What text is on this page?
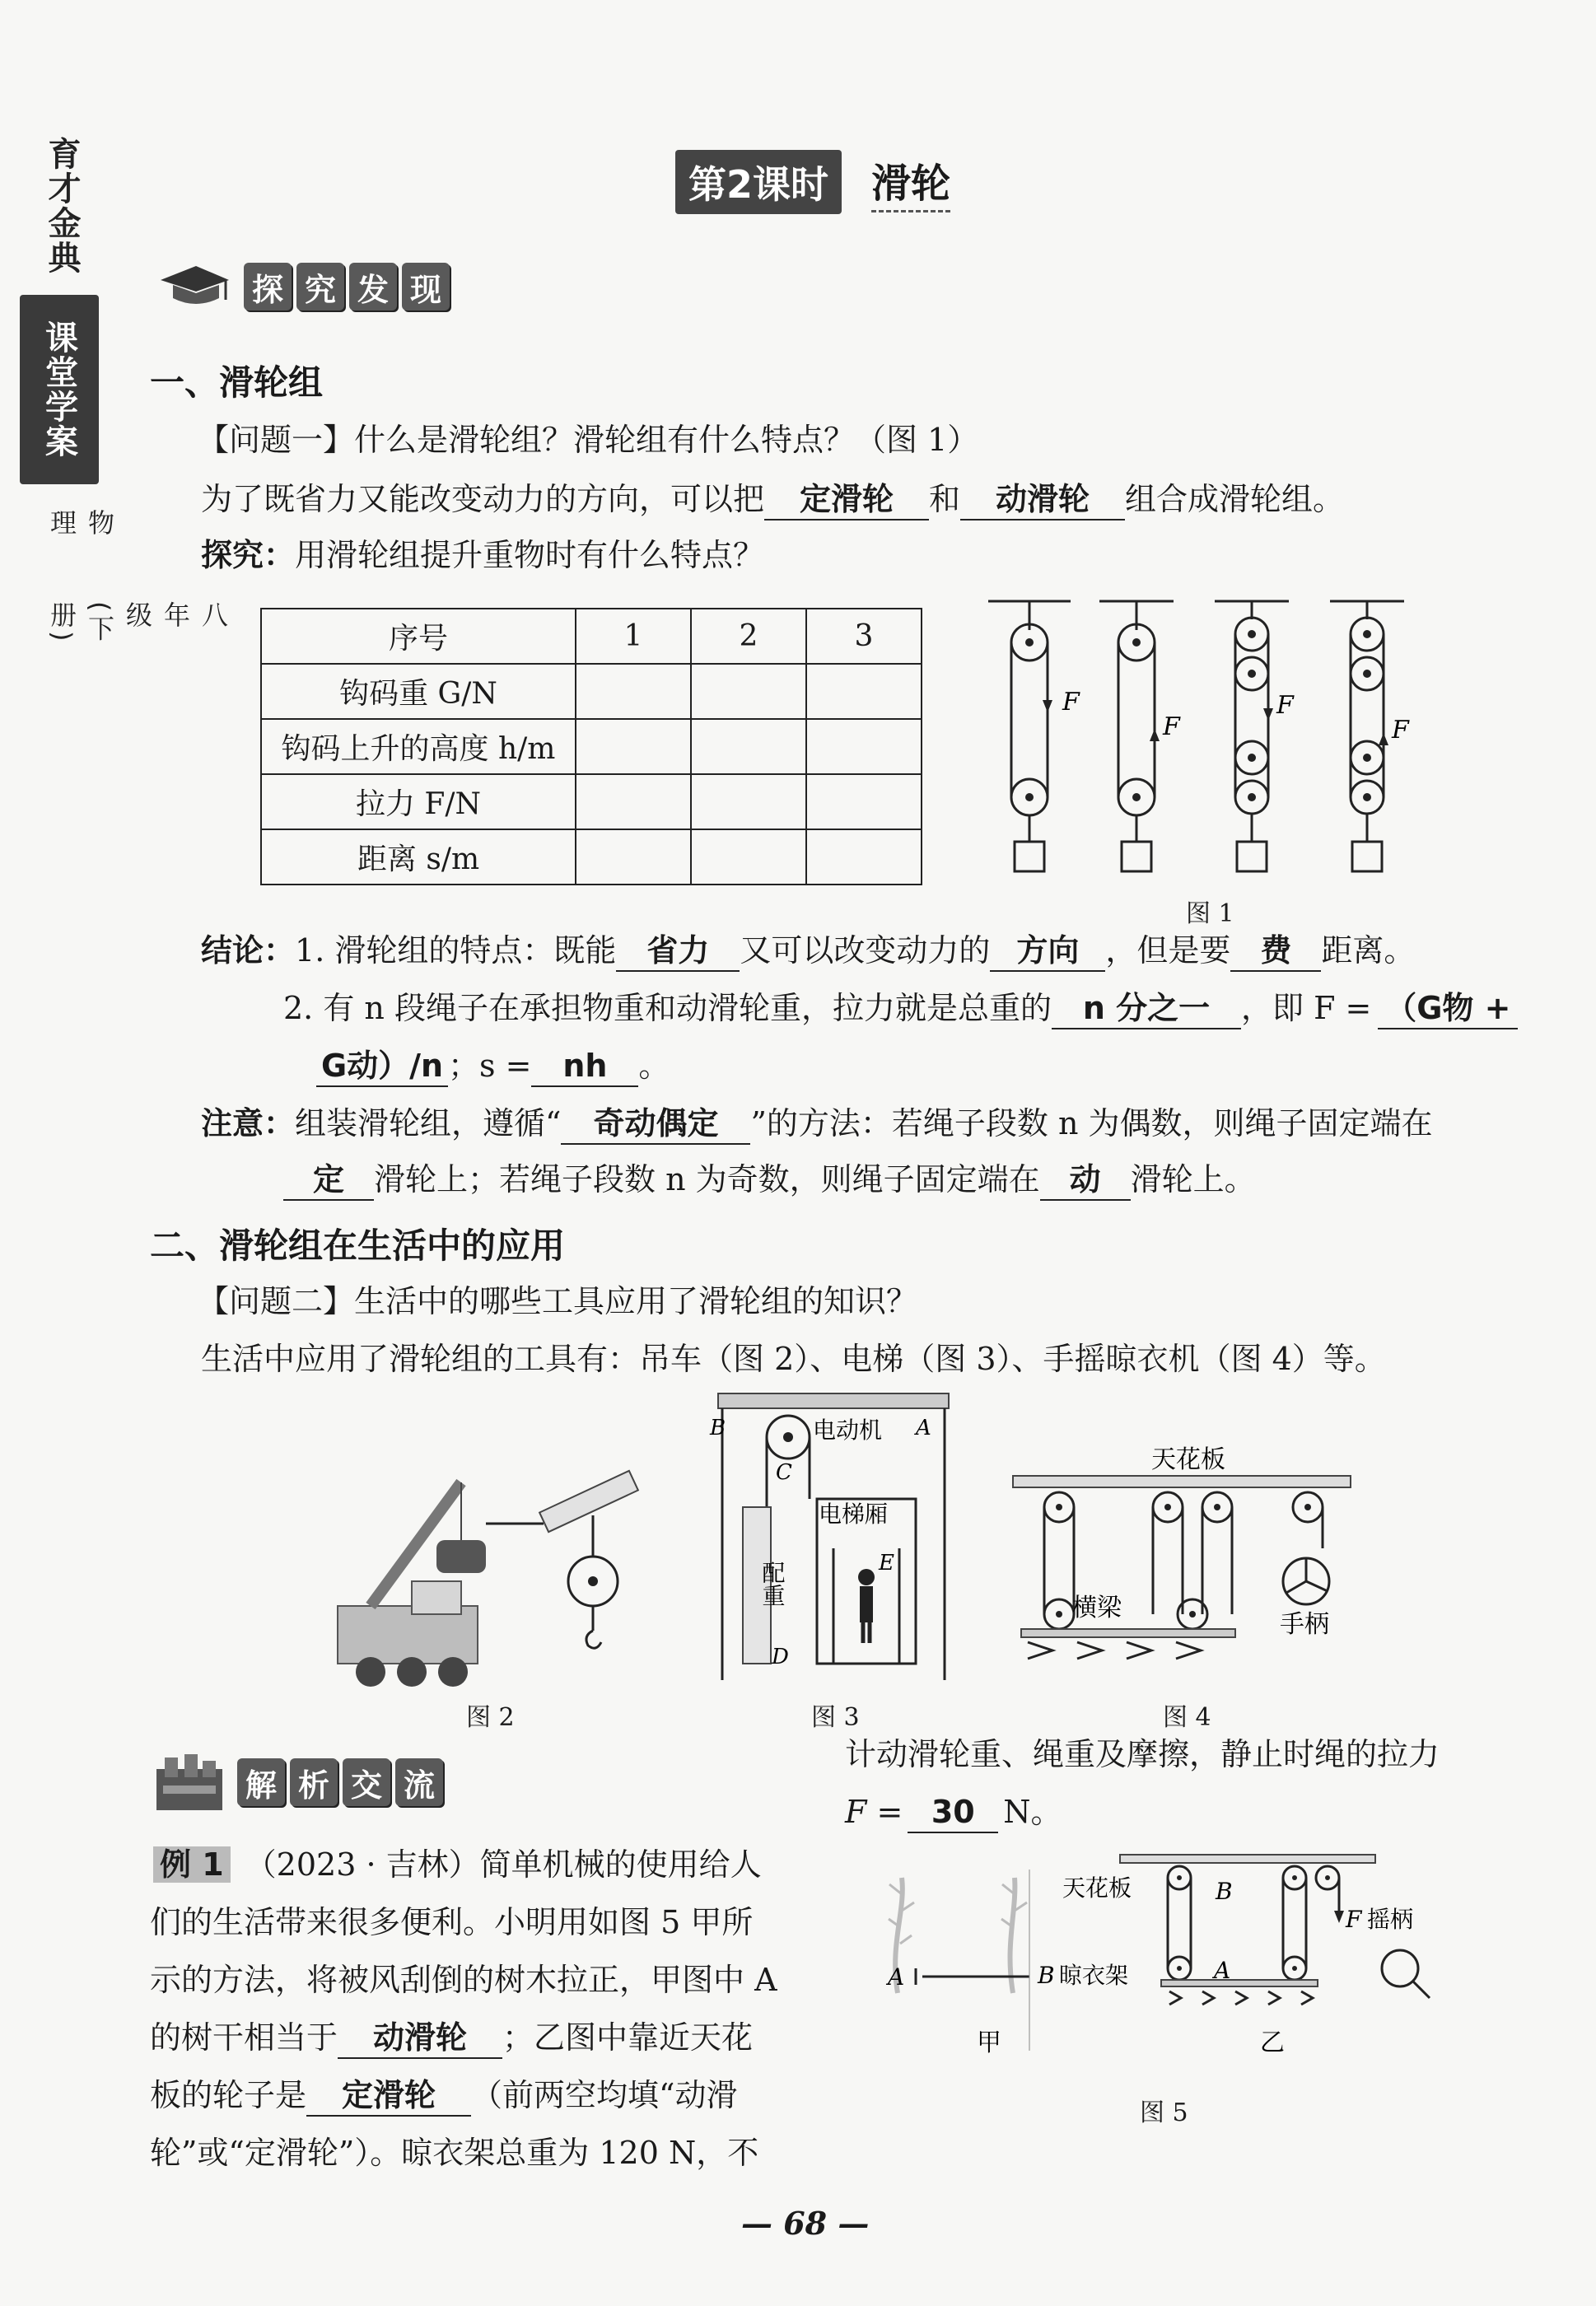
育才金典
课堂学案
物理
八年级(下册)
第2课时	滑轮
探 究 发 现
一、滑轮组
【问题一】什么是滑轮组？滑轮组有什么特点？（图 1）
为了既省力又能改变动力的方向，可以把 定滑轮 和 动滑轮 组合成滑轮组。
探究：用滑轮组提升重物时有什么特点？
序号	1	2	3
钩码重 G/N			
钩码上升的高度 h/m			
拉力 F/N			
距离 s/m			
F
F
F
F
图 1
结论：1. 滑轮组的特点：既能 省力 又可以改变动力的 方向 ，但是要 费 距离。
2. 有 n 段绳子在承担物重和动滑轮重，拉力就是总重的 n 分之一 ，即 F = （G物 +
G动）/n ；s = nh 。
注意：组装滑轮组，遵循“ 奇动偶定 ”的方法：若绳子段数 n 为偶数，则绳子固定端在
定 滑轮上；若绳子段数 n 为奇数，则绳子固定端在 动 滑轮上。
二、滑轮组在生活中的应用
【问题二】生活中的哪些工具应用了滑轮组的知识？
生活中应用了滑轮组的工具有：吊车（图 2）、电梯（图 3）、手摇晾衣机（图 4）等。
图 2
B	电动机 A
C
电梯厢
配重	E
D
图 3
天花板
横梁
手柄
图 4
解 析 交 流
例 1 （2023 · 吉林）简单机械的使用给人
们的生活带来很多便利。小明用如图 5 甲所
示的方法，将被风刮倒的树木拉正，甲图中 A
的树干相当于 动滑轮 ；乙图中靠近天花
板的轮子是 定滑轮 （前两空均填“动滑
轮”或“定滑轮”）。晾衣架总重为 120 N，不
计动滑轮重、绳重及摩擦，静止时绳的拉力
F = 30 N。
A	B 晾衣架
天花板	B
A
F 摇柄
甲	乙
图 5
— 68 —
